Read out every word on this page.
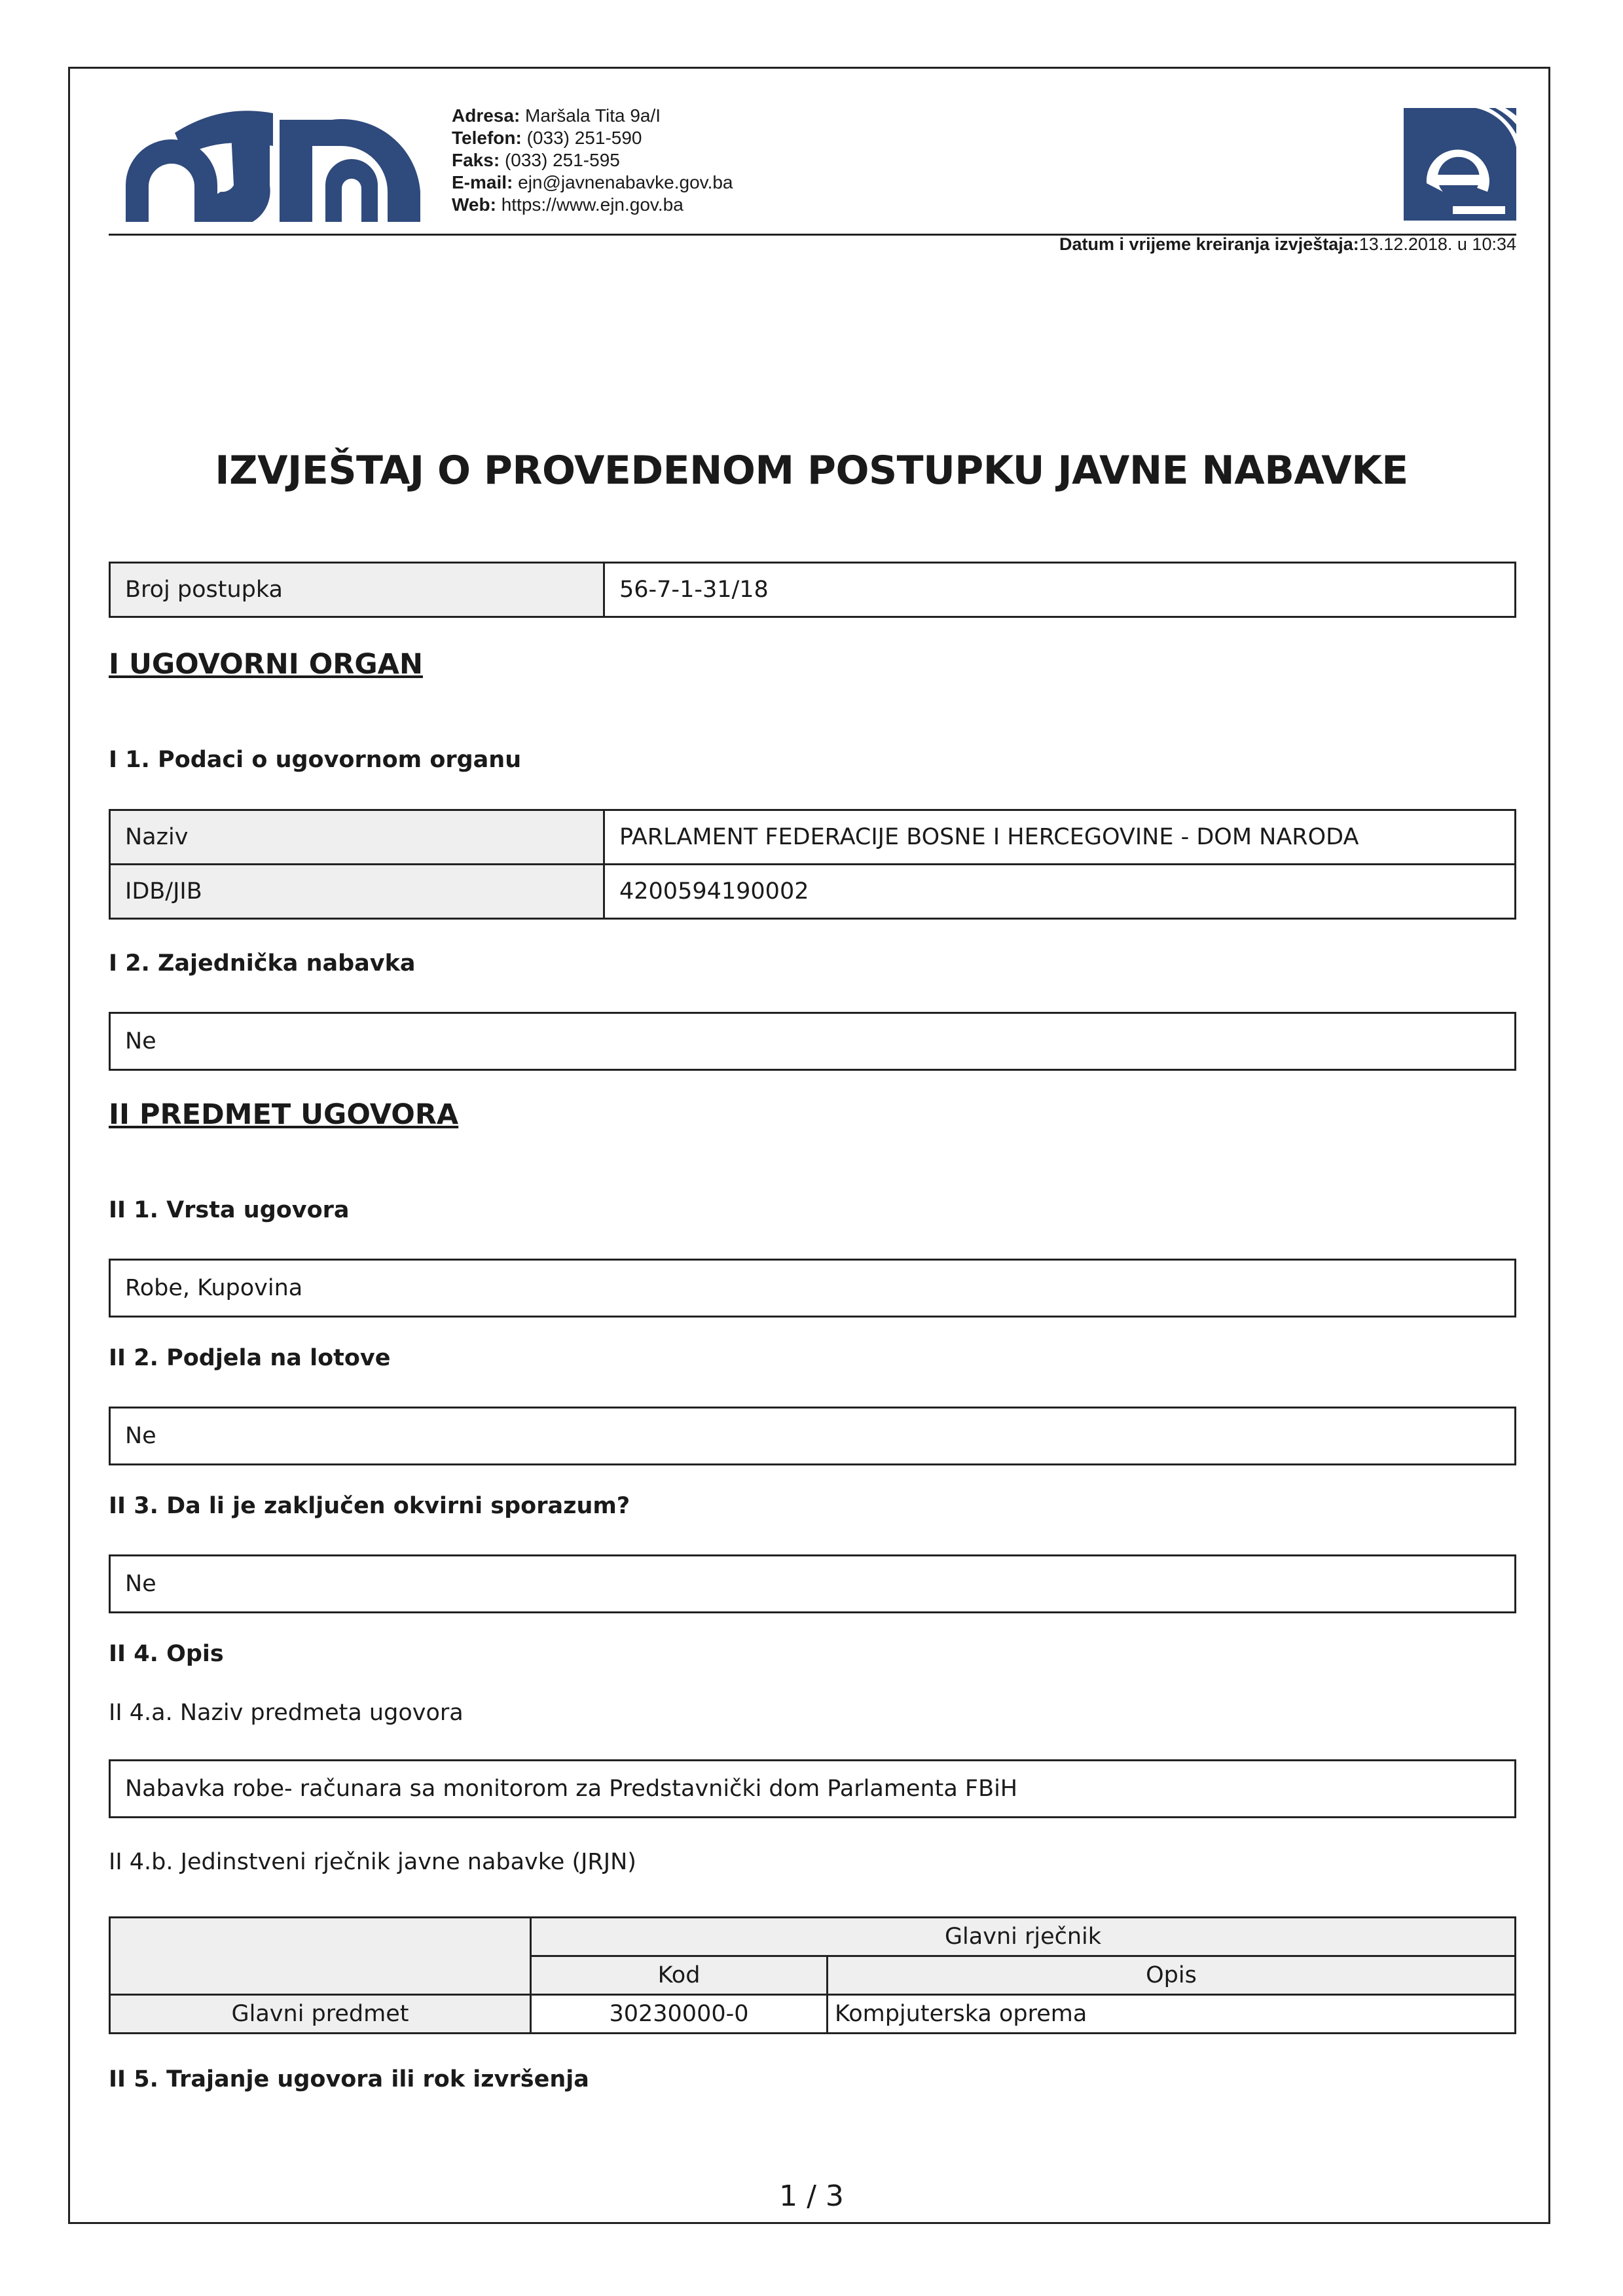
Adresa: Maršala Tita 9a/I
Telefon: (033) 251-590
Faks: (033) 251-595
E-mail: ejn@javnenabavke.gov.ba
Web: https://www.ejn.gov.ba
Datum i vrijeme kreiranja izvještaja:13.12.2018. u 10:34
IZVJEŠTAJ O PROVEDENOM POSTUPKU JAVNE NABAVKE
Broj postupka	56-7-1-31/18
I UGOVORNI ORGAN
I 1. Podaci o ugovornom organu
Naziv	PARLAMENT FEDERACIJE BOSNE I HERCEGOVINE - DOM NARODA
IDB/JIB	4200594190002
I 2. Zajednička nabavka
Ne
II PREDMET UGOVORA
II 1. Vrsta ugovora
Robe, Kupovina
II 2. Podjela na lotove
Ne
II 3. Da li je zaključen okvirni sporazum?
Ne
II 4. Opis
II 4.a. Naziv predmeta ugovora
Nabavka robe- računara sa monitorom za Predstavnički dom Parlamenta FBiH
II 4.b. Jedinstveni rječnik javne nabavke (JRJN)
	Glavni rječnik	
	Kod	Opis
Glavni predmet	30230000-0	Kompjuterska oprema
II 5. Trajanje ugovora ili rok izvršenja
1 / 3
